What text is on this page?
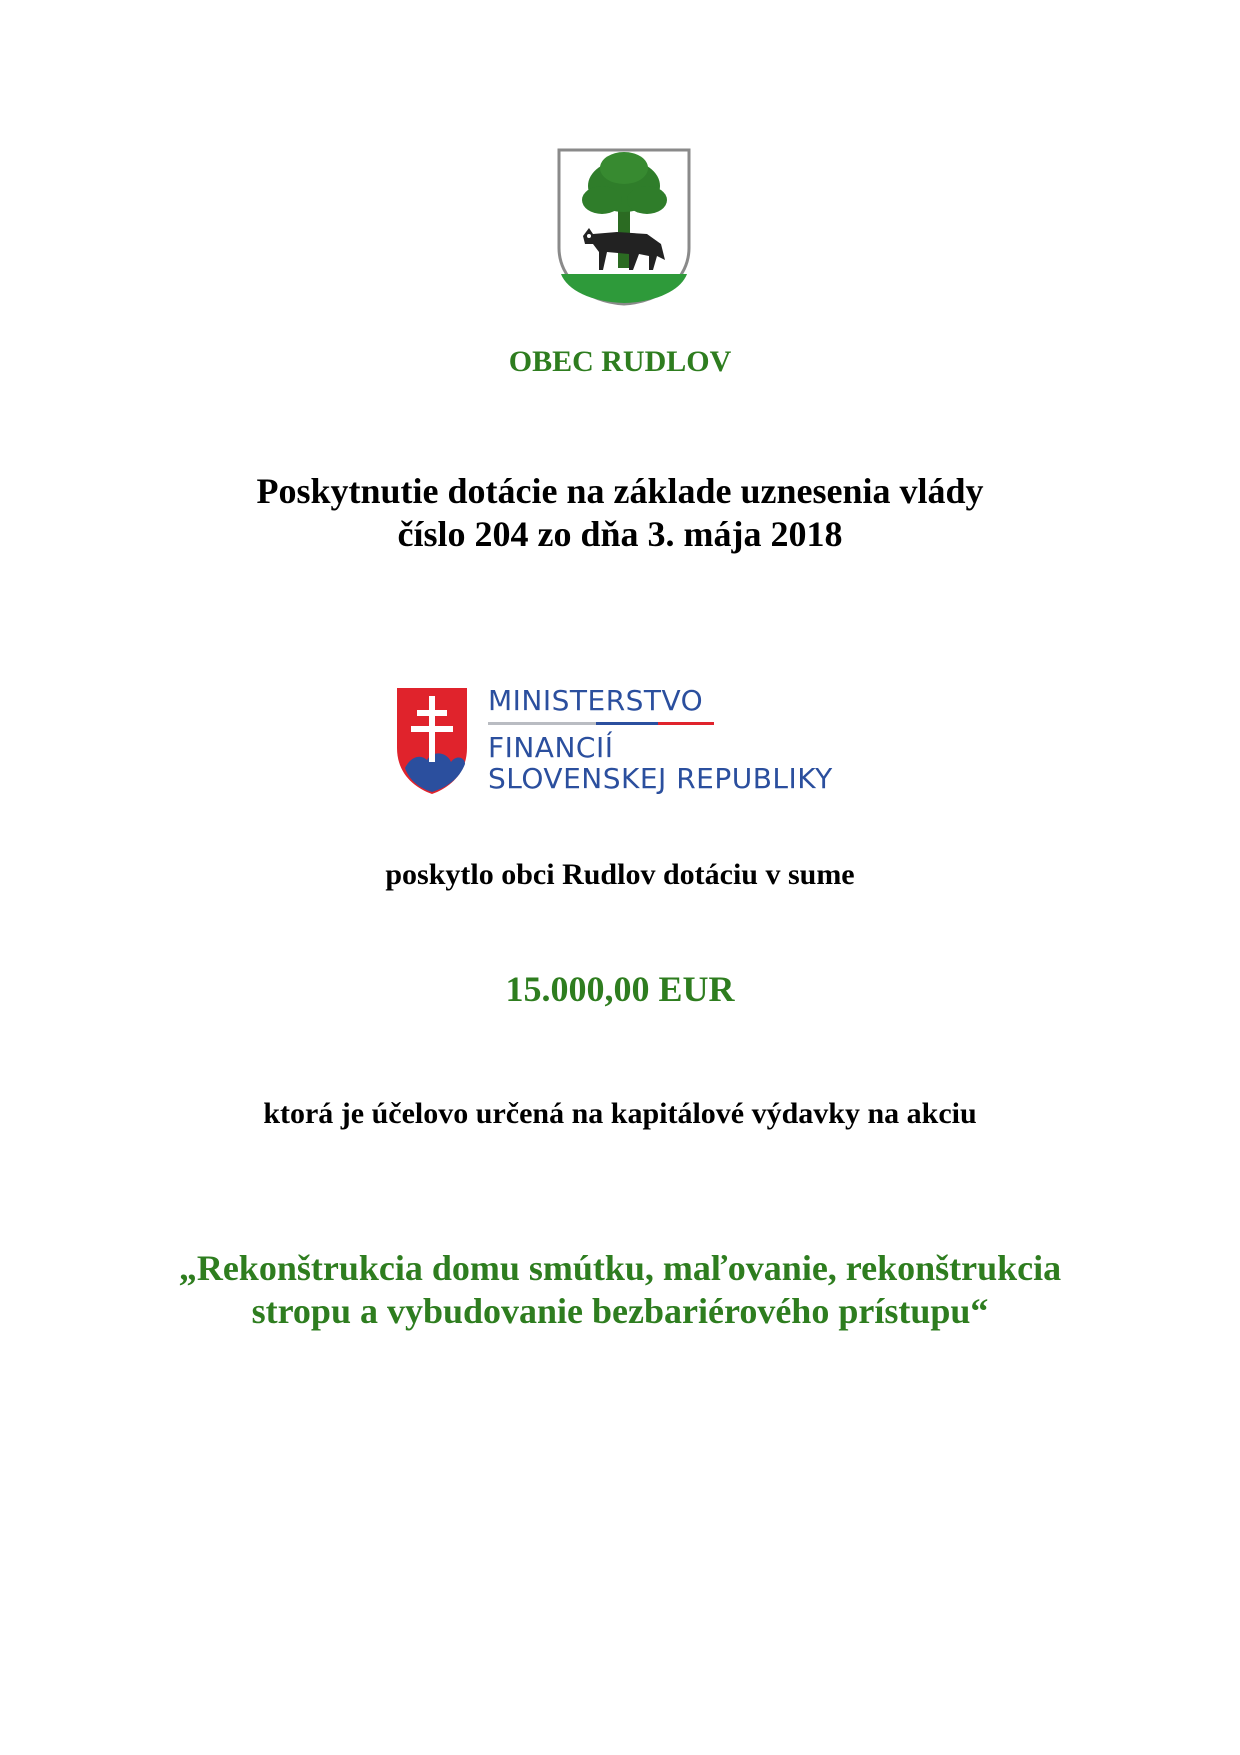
OBEC RUDLOV

Poskytnutie dotácie na základe uznesenia vlády
číslo 204 zo dňa 3. mája 2018
MINISTERSTVO
FINANCIÍ
SLOVENSKEJ REPUBLIKY

poskytlo obci Rudlov dotáciu v sume

15.000,00 EUR

ktorá je účelovo určená na kapitálové výdavky na akciu

„Rekonštrukcia domu smútku, maľovanie, rekonštrukcia
stropu a vybudovanie bezbariérového prístupu“
